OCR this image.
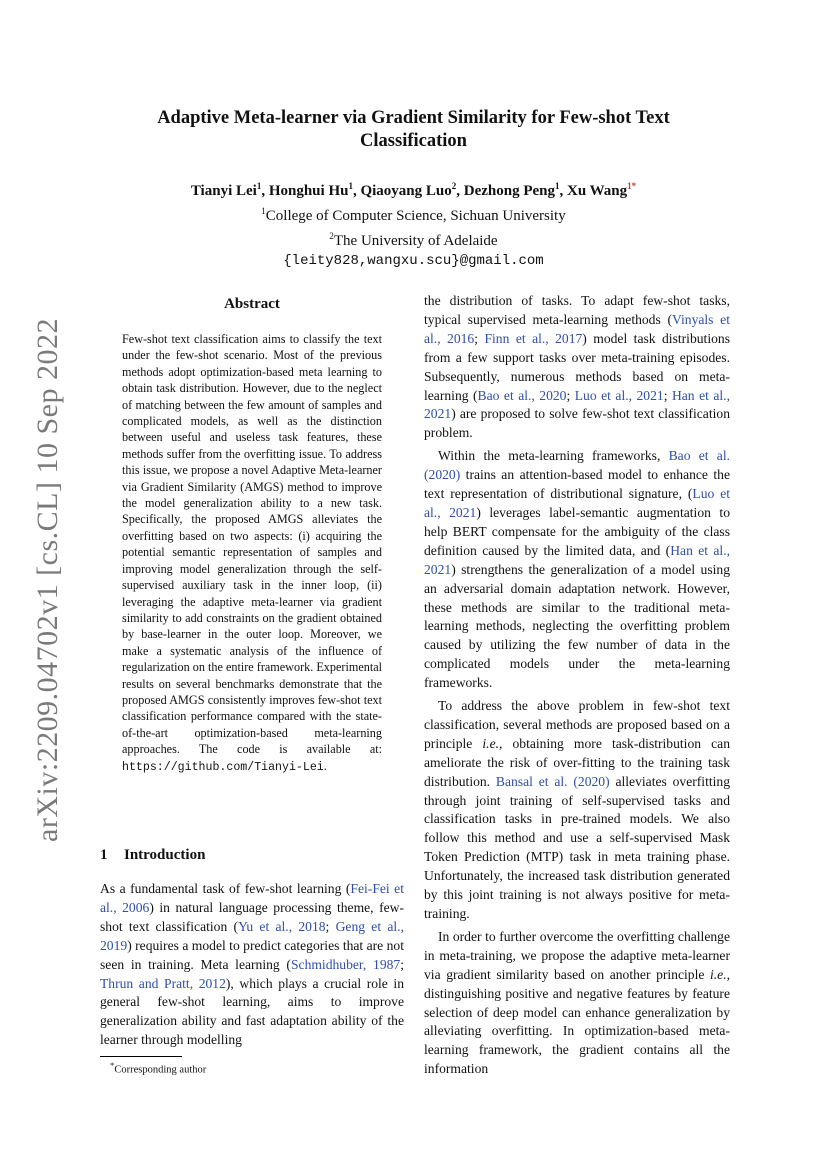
arXiv:2209.04702v1 [cs.CL] 10 Sep 2022
Adaptive Meta-learner via Gradient Similarity for Few-shot Text Classification
Tianyi Lei$^1$, Honghui Hu$^1$, Qiaoyang Luo$^2$, Dezhong Peng$^1$, Xu Wang$^{1*}$
$^1$College of Computer Science, Sichuan University
$^2$The University of Adelaide
{leity828,wangxu.scu}@gmail.com
Abstract

Few-shot text classification aims to classify the text under the few-shot scenario. Most of the previous methods adopt optimization-based meta learning to obtain task distribution. However, due to the neglect of matching between the few amount of samples and complicated models, as well as the distinction between useful and useless task features, these methods suffer from the overfitting issue. To address this issue, we propose a novel Adaptive Meta-learner via Gradient Similarity (AMGS) method to improve the model generalization ability to a new task. Specifically, the proposed AMGS alleviates the overfitting based on two aspects: (i) acquiring the potential semantic representation of samples and improving model generalization through the self-supervised auxiliary task in the inner loop, (ii) leveraging the adaptive meta-learner via gradient similarity to add constraints on the gradient obtained by base-learner in the outer loop. Moreover, we make a systematic analysis of the influence of regularization on the entire framework. Experimental results on several benchmarks demonstrate that the proposed AMGS consistently improves few-shot text classification performance compared with the state-of-the-art optimization-based meta-learning approaches. The code is available at: https://github.com/Tianyi-Lei.

1 Introduction

As a fundamental task of few-shot learning (Fei-Fei et al., 2006) in natural language processing theme, few-shot text classification (Yu et al., 2018; Geng et al., 2019) requires a model to predict categories that are not seen in training. Meta learning (Schmidhuber, 1987; Thrun and Pratt, 2012), which plays a crucial role in general few-shot learning, aims to improve generalization ability and fast adaptation ability of the learner through modelling

*Corresponding author

the distribution of tasks. To adapt few-shot tasks, typical supervised meta-learning methods (Vinyals et al., 2016; Finn et al., 2017) model task distributions from a few support tasks over meta-training episodes. Subsequently, numerous methods based on meta-learning (Bao et al., 2020; Luo et al., 2021; Han et al., 2021) are proposed to solve few-shot text classification problem.

Within the meta-learning frameworks, Bao et al. (2020) trains an attention-based model to enhance the text representation of distributional signature, (Luo et al., 2021) leverages label-semantic augmentation to help BERT compensate for the ambiguity of the class definition caused by the limited data, and (Han et al., 2021) strengthens the generalization of a model using an adversarial domain adaptation network. However, these methods are similar to the traditional meta-learning methods, neglecting the overfitting problem caused by utilizing the few number of data in the complicated models under the meta-learning frameworks.

To address the above problem in few-shot text classification, several methods are proposed based on a principle i.e., obtaining more task-distribution can ameliorate the risk of over-fitting to the training task distribution. Bansal et al. (2020) alleviates overfitting through joint training of self-supervised tasks and classification tasks in pre-trained models. We also follow this method and use a self-supervised Mask Token Prediction (MTP) task in meta training phase. Unfortunately, the increased task distribution generated by this joint training is not always positive for meta-training.

In order to further overcome the overfitting challenge in meta-training, we propose the adaptive meta-learner via gradient similarity based on another principle i.e., distinguishing positive and negative features by feature selection of deep model can enhance generalization by alleviating overfitting. In optimization-based meta-learning framework, the gradient contains all the information
